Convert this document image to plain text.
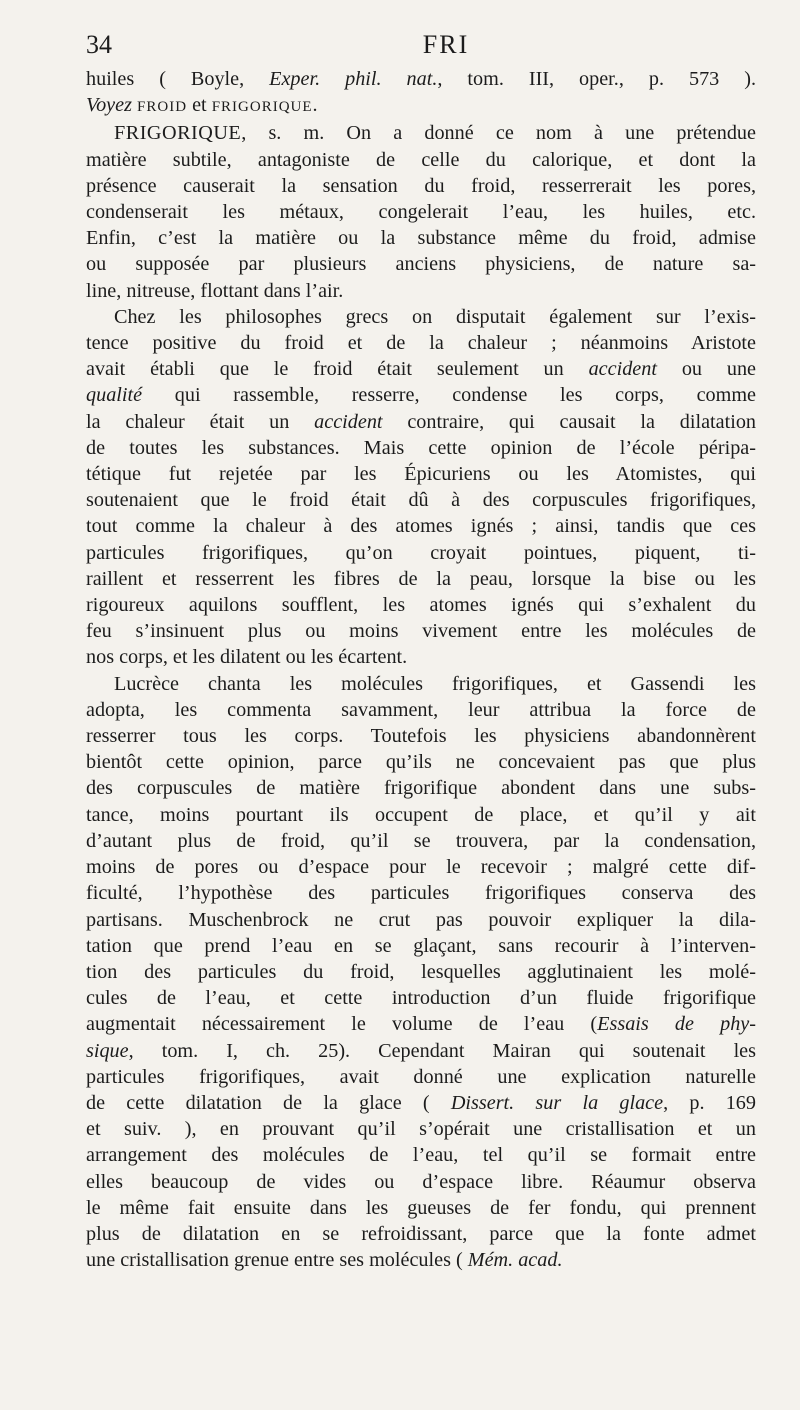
34	FRI
huiles ( Boyle, Exper. phil. nat., tom. III, oper., p. 573 ).
Voyez FROID et FRIGORIQUE.
FRIGORIQUE, s. m. On a donné ce nom à une prétendue
matière subtile, antagoniste de celle du calorique, et dont la
présence causerait la sensation du froid, resserrerait les pores,
condenserait les métaux, congelerait l’eau, les huiles, etc.
Enfin, c’est la matière ou la substance même du froid, admise
ou supposée par plusieurs anciens physiciens, de nature sa-
line, nitreuse, flottant dans l’air.
Chez les philosophes grecs on disputait également sur l’exis-
tence positive du froid et de la chaleur ; néanmoins Aristote
avait établi que le froid était seulement un accident ou une
qualité qui rassemble, resserre, condense les corps, comme
la chaleur était un accident contraire, qui causait la dilatation
de toutes les substances. Mais cette opinion de l’école péripa-
tétique fut rejetée par les Épicuriens ou les Atomistes, qui
soutenaient que le froid était dû à des corpuscules frigorifiques,
tout comme la chaleur à des atomes ignés ; ainsi, tandis que ces
particules frigorifiques, qu’on croyait pointues, piquent, ti-
raillent et resserrent les fibres de la peau, lorsque la bise ou les
rigoureux aquilons soufflent, les atomes ignés qui s’exhalent du
feu s’insinuent plus ou moins vivement entre les molécules de
nos corps, et les dilatent ou les écartent.
Lucrèce chanta les molécules frigorifiques, et Gassendi les
adopta, les commenta savamment, leur attribua la force de
resserrer tous les corps. Toutefois les physiciens abandonnèrent
bientôt cette opinion, parce qu’ils ne concevaient pas que plus
des corpuscules de matière frigorifique abondent dans une subs-
tance, moins pourtant ils occupent de place, et qu’il y ait
d’autant plus de froid, qu’il se trouvera, par la condensation,
moins de pores ou d’espace pour le recevoir ; malgré cette dif-
ficulté, l’hypothèse des particules frigorifiques conserva des
partisans. Muschenbrock ne crut pas pouvoir expliquer la dila-
tation que prend l’eau en se glaçant, sans recourir à l’interven-
tion des particules du froid, lesquelles agglutinaient les molé-
cules de l’eau, et cette introduction d’un fluide frigorifique
augmentait nécessairement le volume de l’eau (Essais de phy-
sique, tom. I, ch. 25). Cependant Mairan qui soutenait les
particules frigorifiques, avait donné une explication naturelle
de cette dilatation de la glace ( Dissert. sur la glace, p. 169
et suiv. ), en prouvant qu’il s’opérait une cristallisation et un
arrangement des molécules de l’eau, tel qu’il se formait entre
elles beaucoup de vides ou d’espace libre. Réaumur observa
le même fait ensuite dans les gueuses de fer fondu, qui prennent
plus de dilatation en se refroidissant, parce que la fonte admet
une cristallisation grenue entre ses molécules ( Mém. acad.
